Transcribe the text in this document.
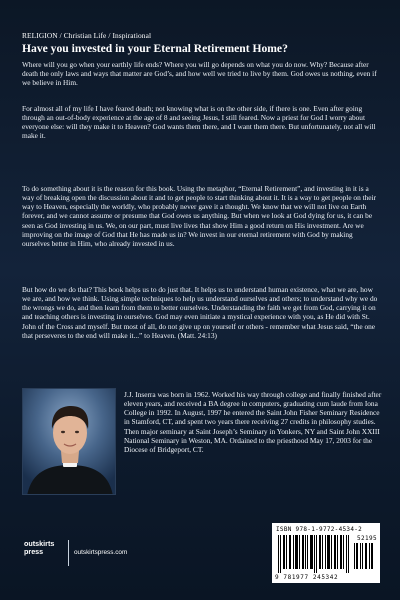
RELIGION / Christian Life / Inspirational
Have you invested in your Eternal Retirement Home?

Where will you go when your earthly life ends? Where you will go depends on what you do now. Why? Because after death the only laws and ways that matter are God’s, and how well we tried to live by them. God owes us nothing, even if we believe in Him.

For almost all of my life I have feared death; not knowing what is on the other side, if there is one. Even after going through an out-of-body experience at the age of 8 and seeing Jesus, I still feared. Now a priest for God I worry about everyone else: will they make it to Heaven? God wants them there, and I want them there. But unfortunately, not all will make it.

To do something about it is the reason for this book. Using the metaphor, “Eternal Retirement”, and investing in it is a way of breaking open the discussion about it and to get people to start thinking about it. It is a way to get people on their way to Heaven, especially the worldly, who probably never gave it a thought. We know that we will not live on Earth forever, and we cannot assume or presume that God owes us anything. But when we look at God dying for us, it can be seen as God investing in us. We, on our part, must live lives that show Him a good return on His investment. Are we improving on the image of God that He has made us in? We invest in our eternal retirement with God by making ourselves better in Him, who already invested in us.

But how do we do that? This book helps us to do just that. It helps us to understand human existence, what we are, how we are, and how we think. Using simple techniques to help us understand ourselves and others; to understand why we do the wrongs we do, and then learn from them to better ourselves. Understanding the faith we get from God, carrying it on and teaching others is investing in ourselves. God may even initiate a mystical experience with you, as He did with St. John of the Cross and myself. But most of all, do not give up on yourself or others - remember what Jesus said, “the one that perseveres to the end will make it...” to Heaven. (Matt. 24:13)

J.J. Inserra was born in 1962. Worked his way through college and finally finished after eleven years, and received a BA degree in computers, graduating cum laude from Iona College in 1992. In August, 1997 he entered the Saint John Fisher Seminary Residence in Stamford, CT, and spent two years there receiving 27 credits in philosophy studies. Then major seminary at Saint Joseph’s Seminary in Yonkers, NY and Saint John XXIII National Seminary in Weston, MA. Ordained to the priesthood May 17, 2003 for the Diocese of Bridgeport, CT.

ISBN 978-1-9772-4534-2
52195
9 781977 245342
outskirts
press	outskirtspress.com
